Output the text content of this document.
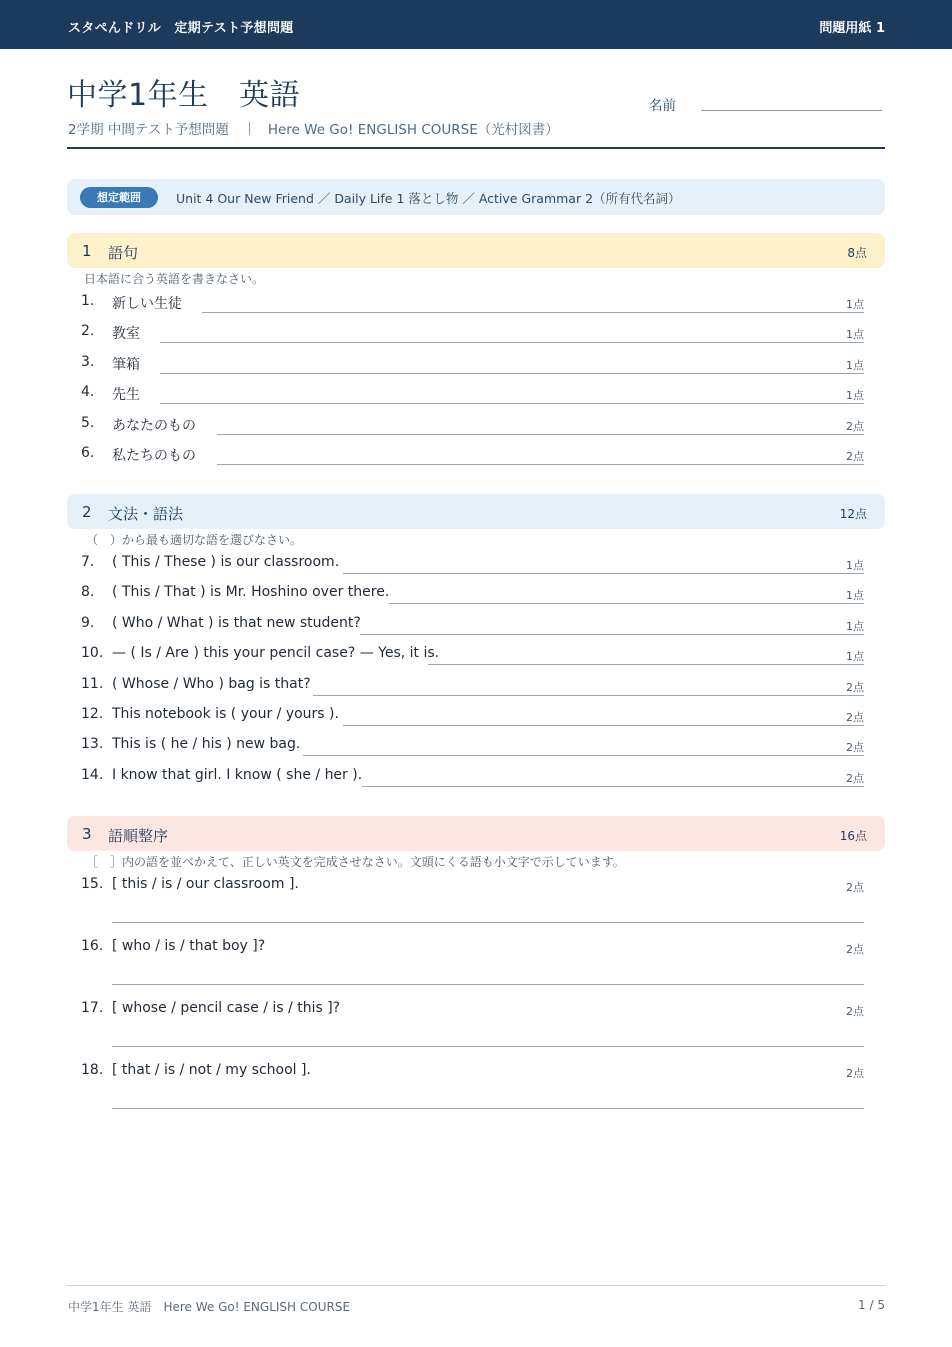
スタペんドリル　定期テスト予想問題	問題用紙 1
中学1年生　英語
2学期 中間テスト予想問題	Here We Go! ENGLISH COURSE（光村図書）
名前
想定範囲	Unit 4 Our New Friend ／ Daily Life 1 落とし物 ／ Active Grammar 2（所有代名詞）
1 語句	8点
日本語に合う英語を書きなさい。
1. 新しい生徒	1点
2. 教室	1点
3. 筆箱	1点
4. 先生	1点
5. あなたのもの	2点
6. 私たちのもの	2点
2 文法・語法	12点
（　）から最も適切な語を選びなさい。
7. ( This / These ) is our classroom.	1点
8. ( This / That ) is Mr. Hoshino over there.	1点
9. ( Who / What ) is that new student?	1点
10. — ( Is / Are ) this your pencil case? — Yes, it is.	1点
11. ( Whose / Who ) bag is that?	2点
12. This notebook is ( your / yours ).	2点
13. This is ( he / his ) new bag.	2点
14. I know that girl. I know ( she / her ).	2点
3 語順整序	16点
［　］内の語を並べかえて、正しい英文を完成させなさい。文頭にくる語も小文字で示しています。
15. [ this / is / our classroom ].	2点
16. [ who / is / that boy ]?	2点
17. [ whose / pencil case / is / this ]?	2点
18. [ that / is / not / my school ].	2点
中学1年生 英語　Here We Go! ENGLISH COURSE	1 / 5
